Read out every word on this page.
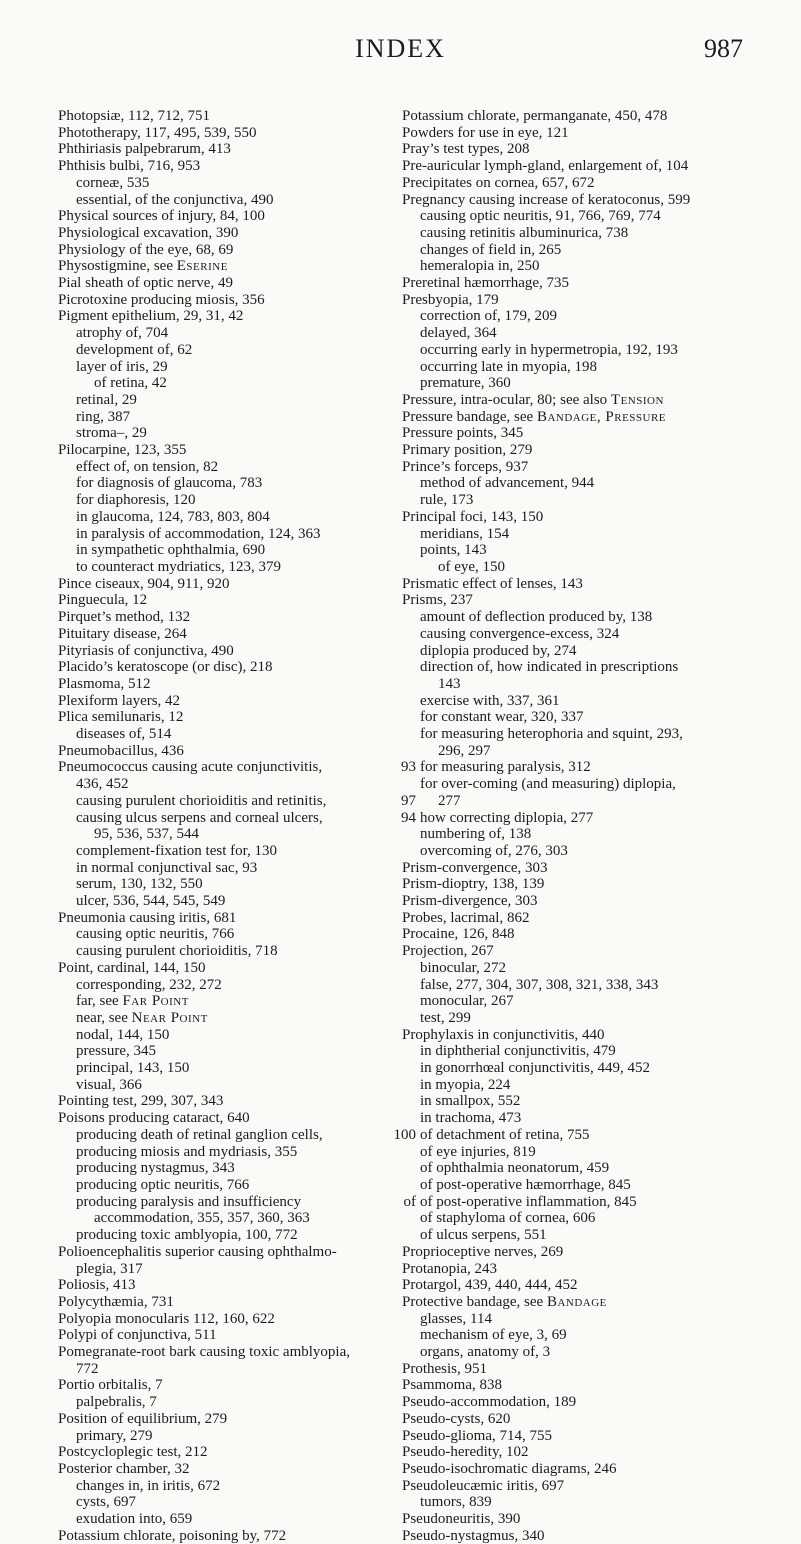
INDEX	987
Photopsiæ, 112, 712, 751
Phototherapy, 117, 495, 539, 550
Phthiriasis palpebrarum, 413
Phthisis bulbi, 716, 953
corneæ, 535
essential, of the conjunctiva, 490
Physical sources of injury, 84, 100
Physiological excavation, 390
Physiology of the eye, 68, 69
Physostigmine, see Eserine
Pial sheath of optic nerve, 49
Picrotoxine producing miosis, 356
Pigment epithelium, 29, 31, 42
atrophy of, 704
development of, 62
layer of iris, 29
of retina, 42
retinal, 29
ring, 387
stroma–, 29
Pilocarpine, 123, 355
effect of, on tension, 82
for diagnosis of glaucoma, 783
for diaphoresis, 120
in glaucoma, 124, 783, 803, 804
in paralysis of accommodation, 124, 363
in sympathetic ophthalmia, 690
to counteract mydriatics, 123, 379
Pince ciseaux, 904, 911, 920
Pinguecula, 12
Pirquet’s method, 132
Pituitary disease, 264
Pityriasis of conjunctiva, 490
Placido’s keratoscope (or disc), 218
Plasmoma, 512
Plexiform layers, 42
Plica semilunaris, 12
diseases of, 514
Pneumobacillus, 436
Pneumococcus causing acute conjunctivitis,	93
436, 452
causing purulent chorioiditis and retinitis,	97
causing ulcus serpens and corneal ulcers,	94
95, 536, 537, 544
complement-fixation test for, 130
in normal conjunctival sac, 93
serum, 130, 132, 550
ulcer, 536, 544, 545, 549
Pneumonia causing iritis, 681
causing optic neuritis, 766
causing purulent chorioiditis, 718
Point, cardinal, 144, 150
corresponding, 232, 272
far, see Far Point
near, see Near Point
nodal, 144, 150
pressure, 345
principal, 143, 150
visual, 366
Pointing test, 299, 307, 343
Poisons producing cataract, 640
producing death of retinal ganglion cells,	100
producing miosis and mydriasis, 355
producing nystagmus, 343
producing optic neuritis, 766
producing paralysis and insufficiency	of
accommodation, 355, 357, 360, 363
producing toxic amblyopia, 100, 772
Polioencephalitis superior causing ophthalmo-
plegia, 317
Poliosis, 413
Polycythæmia, 731
Polyopia monocularis 112, 160, 622
Polypi of conjunctiva, 511
Pomegranate-root bark causing toxic amblyopia,
772
Portio orbitalis, 7
palpebralis, 7
Position of equilibrium, 279
primary, 279
Postcycloplegic test, 212
Posterior chamber, 32
changes in, in iritis, 672
cysts, 697
exudation into, 659
Potassium chlorate, poisoning by, 772
Potassium chlorate, permanganate, 450, 478
Powders for use in eye, 121
Pray’s test types, 208
Pre-auricular lymph-gland, enlargement of, 104
Precipitates on cornea, 657, 672
Pregnancy causing increase of keratoconus, 599
causing optic neuritis, 91, 766, 769, 774
causing retinitis albuminurica, 738
changes of field in, 265
hemeralopia in, 250
Preretinal hæmorrhage, 735
Presbyopia, 179
correction of, 179, 209
delayed, 364
occurring early in hypermetropia, 192, 193
occurring late in myopia, 198
premature, 360
Pressure, intra-ocular, 80; see also Tension
Pressure bandage, see Bandage, Pressure
Pressure points, 345
Primary position, 279
Prince’s forceps, 937
method of advancement, 944
rule, 173
Principal foci, 143, 150
meridians, 154
points, 143
of eye, 150
Prismatic effect of lenses, 143
Prisms, 237
amount of deflection produced by, 138
causing convergence-excess, 324
diplopia produced by, 274
direction of, how indicated in prescriptions
143
exercise with, 337, 361
for constant wear, 320, 337
for measuring heterophoria and squint, 293,
296, 297
for measuring paralysis, 312
for over-coming (and measuring) diplopia,
277
how correcting diplopia, 277
numbering of, 138
overcoming of, 276, 303
Prism-convergence, 303
Prism-dioptry, 138, 139
Prism-divergence, 303
Probes, lacrimal, 862
Procaine, 126, 848
Projection, 267
binocular, 272
false, 277, 304, 307, 308, 321, 338, 343
monocular, 267
test, 299
Prophylaxis in conjunctivitis, 440
in diphtherial conjunctivitis, 479
in gonorrhœal conjunctivitis, 449, 452
in myopia, 224
in smallpox, 552
in trachoma, 473
of detachment of retina, 755
of eye injuries, 819
of ophthalmia neonatorum, 459
of post-operative hæmorrhage, 845
of post-operative inflammation, 845
of staphyloma of cornea, 606
of ulcus serpens, 551
Proprioceptive nerves, 269
Protanopia, 243
Protargol, 439, 440, 444, 452
Protective bandage, see Bandage
glasses, 114
mechanism of eye, 3, 69
organs, anatomy of, 3
Prothesis, 951
Psammoma, 838
Pseudo-accommodation, 189
Pseudo-cysts, 620
Pseudo-glioma, 714, 755
Pseudo-heredity, 102
Pseudo-isochromatic diagrams, 246
Pseudoleucæmic iritis, 697
tumors, 839
Pseudoneuritis, 390
Pseudo-nystagmus, 340
